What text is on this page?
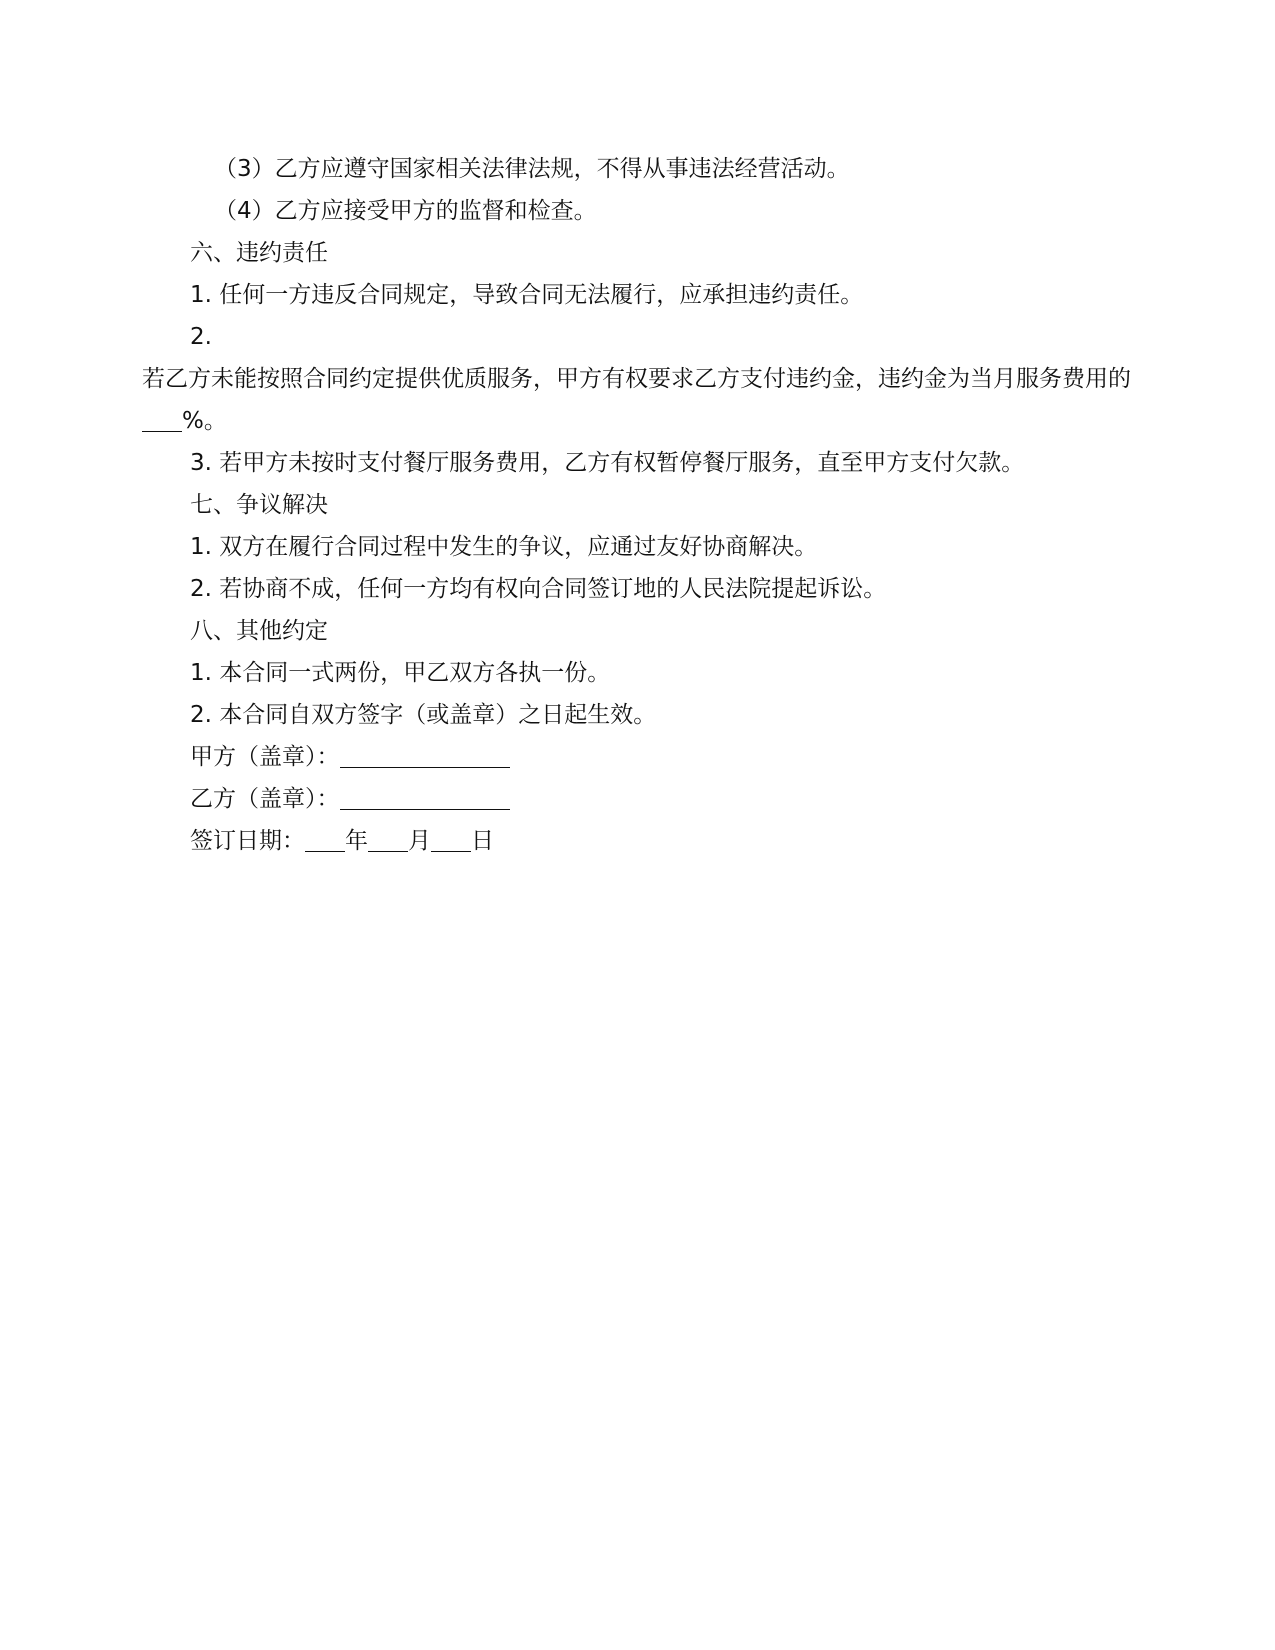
（3）乙方应遵守国家相关法律法规，不得从事违法经营活动。
（4）乙方应接受甲方的监督和检查。
六、违约责任
1. 任何一方违反合同规定，导致合同无法履行，应承担违约责任。
2.
若乙方未能按照合同约定提供优质服务，甲方有权要求乙方支付违约金，违约金为当月服务费用的%。
3. 若甲方未按时支付餐厅服务费用，乙方有权暂停餐厅服务，直至甲方支付欠款。
七、争议解决
1. 双方在履行合同过程中发生的争议，应通过友好协商解决。
2. 若协商不成，任何一方均有权向合同签订地的人民法院提起诉讼。
八、其他约定
1. 本合同一式两份，甲乙双方各执一份。
2. 本合同自双方签字（或盖章）之日起生效。
甲方（盖章）：
乙方（盖章）：
签订日期： 年 月 日
